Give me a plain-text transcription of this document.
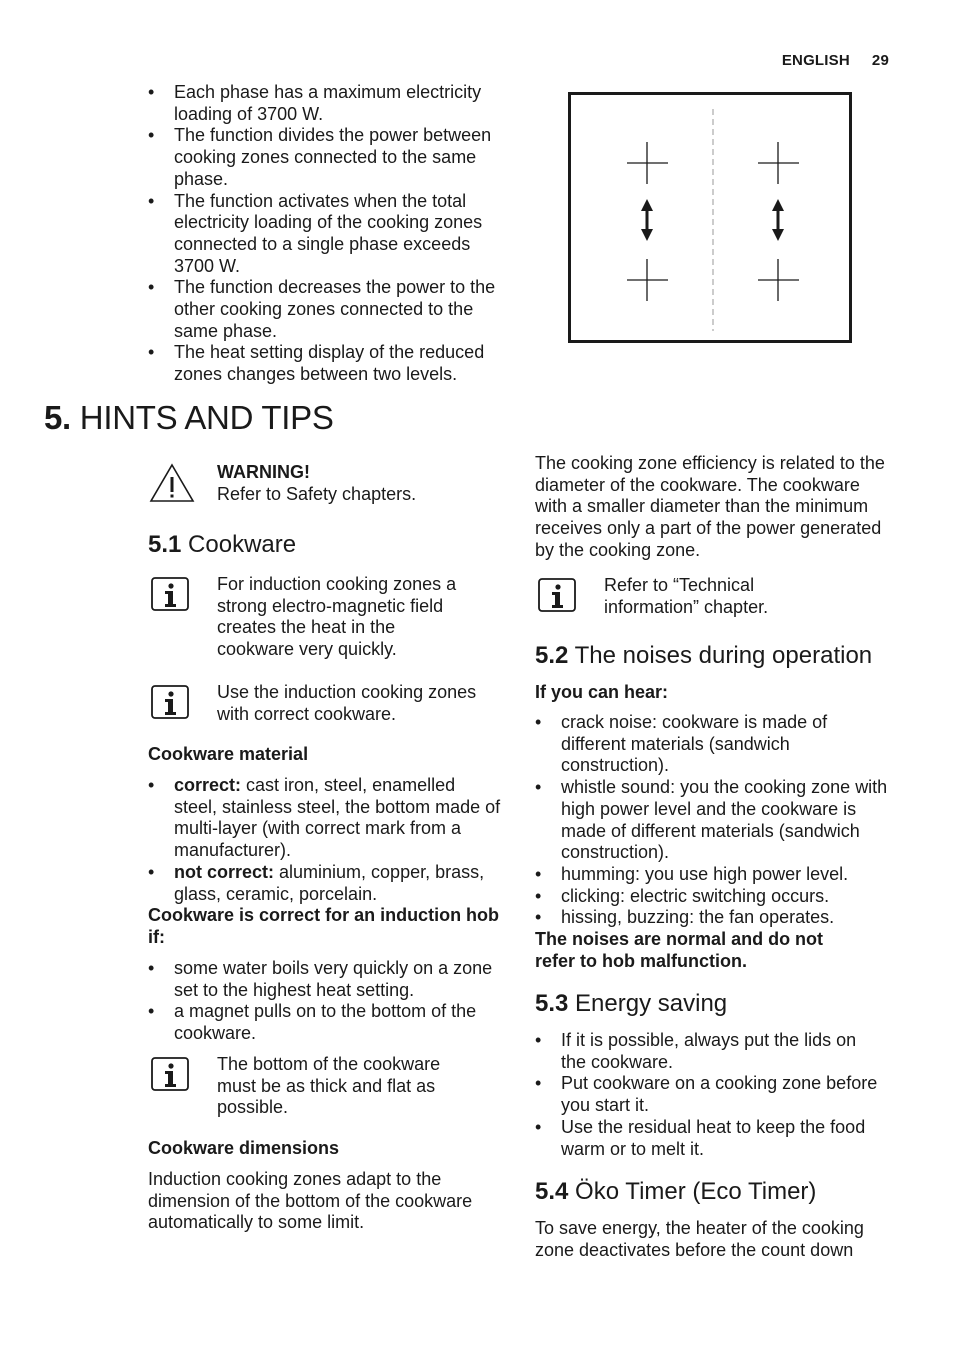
ENGLISH 29
• Each phase has a maximum electricity loading of 3700 W.
• The function divides the power between cooking zones connected to the same phase.
• The function activates when the total electricity loading of the cooking zones connected to a single phase exceeds 3700 W.
• The function decreases the power to the other cooking zones connected to the same phase.
• The heat setting display of the reduced zones changes between two levels.
5. HINTS AND TIPS
WARNING!
Refer to Safety chapters.
5.1 Cookware
For induction cooking zones a strong electro-magnetic field creates the heat in the cookware very quickly.
Use the induction cooking zones with correct cookware.
Cookware material
• correct: cast iron, steel, enamelled steel, stainless steel, the bottom made of multi-layer (with correct mark from a manufacturer).
• not correct: aluminium, copper, brass, glass, ceramic, porcelain.
Cookware is correct for an induction hob if:
• some water boils very quickly on a zone set to the highest heat setting.
• a magnet pulls on to the bottom of the cookware.
The bottom of the cookware must be as thick and flat as possible.
Cookware dimensions
Induction cooking zones adapt to the dimension of the bottom of the cookware automatically to some limit.
The cooking zone efficiency is related to the diameter of the cookware. The cookware with a smaller diameter than the minimum receives only a part of the power generated by the cooking zone.
Refer to “Technical information” chapter.
5.2 The noises during operation
If you can hear:
• crack noise: cookware is made of different materials (sandwich construction).
• whistle sound: you the cooking zone with high power level and the cookware is made of different materials (sandwich construction).
• humming: you use high power level.
• clicking: electric switching occurs.
• hissing, buzzing: the fan operates.
The noises are normal and do not refer to hob malfunction.
5.3 Energy saving
• If it is possible, always put the lids on the cookware.
• Put cookware on a cooking zone before you start it.
• Use the residual heat to keep the food warm or to melt it.
5.4 Öko Timer (Eco Timer)
To save energy, the heater of the cooking zone deactivates before the count down
